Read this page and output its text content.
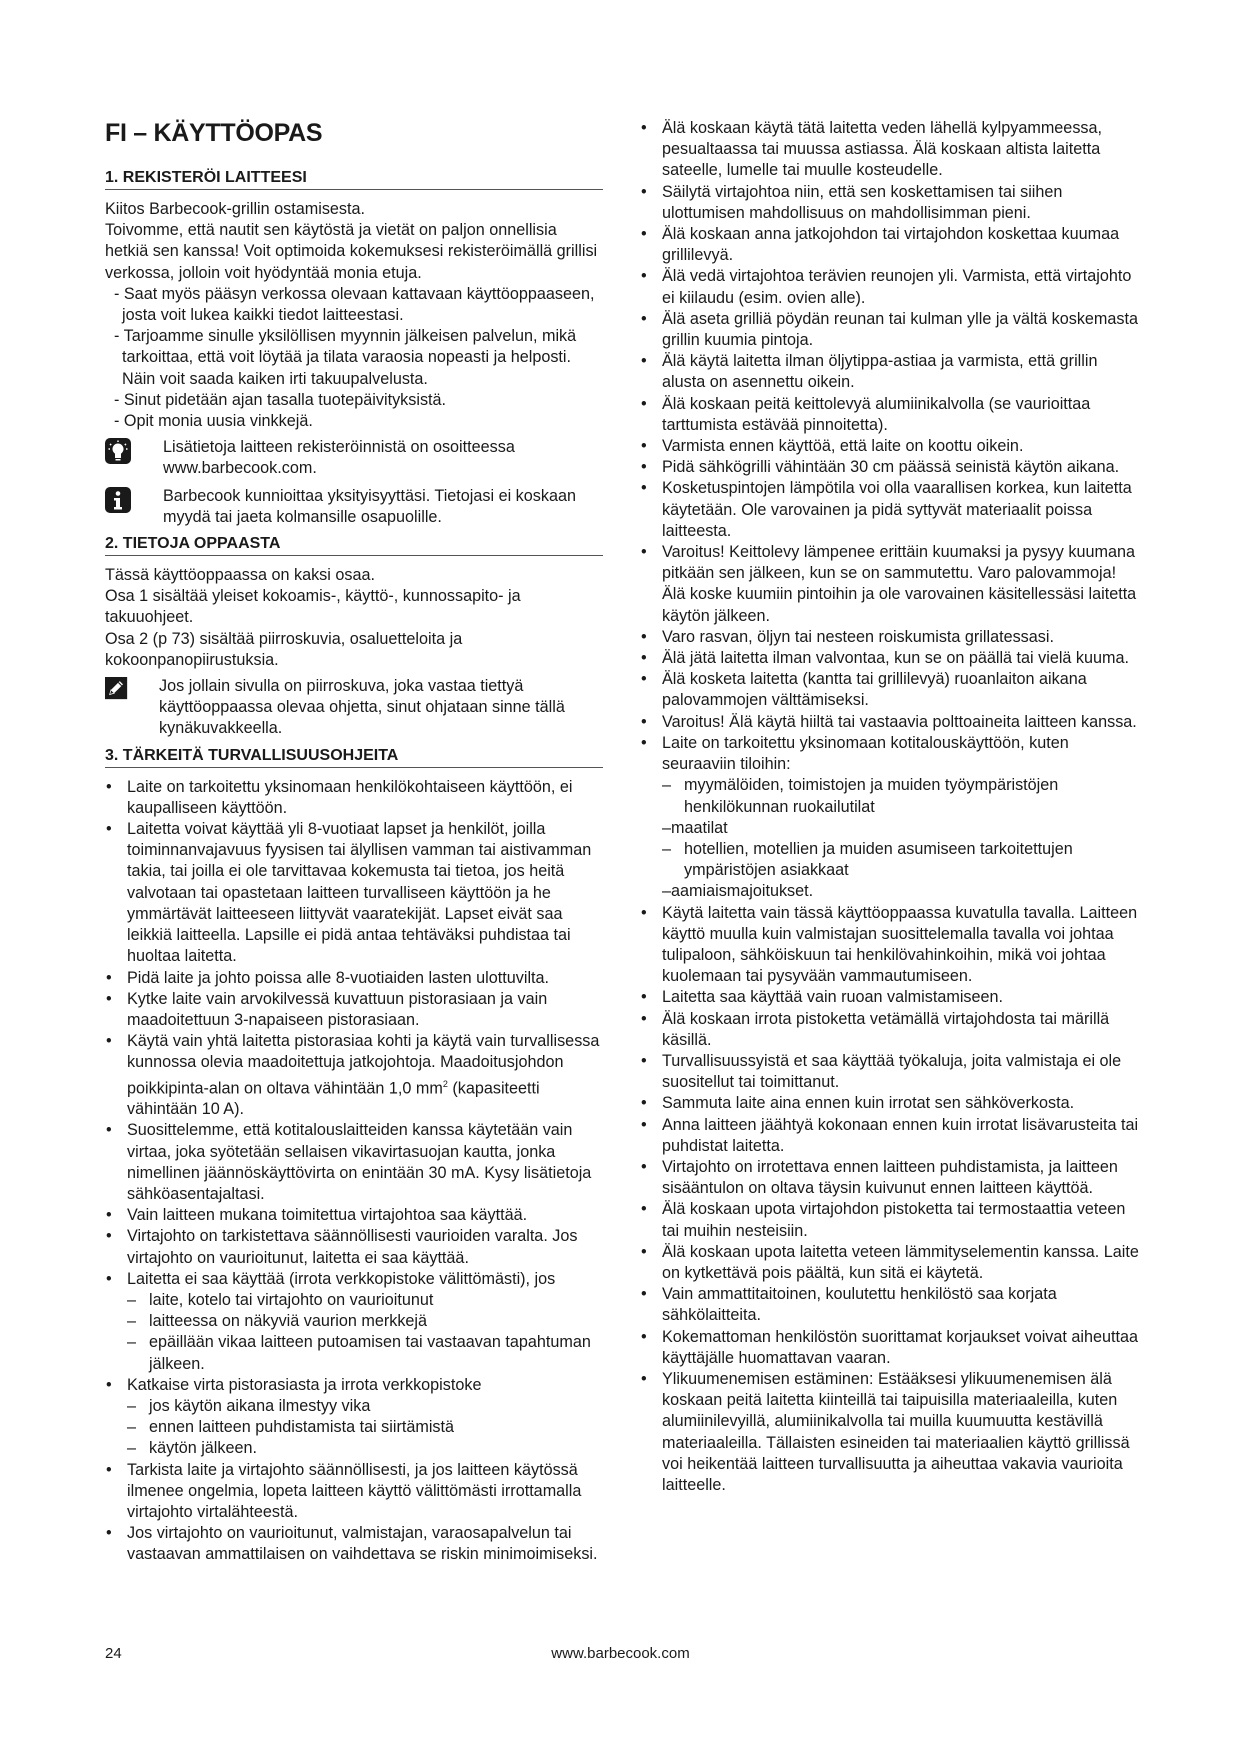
FI – KÄYTTÖOPAS
1. REKISTERÖI LAITTEESI

Kiitos Barbecook-grillin ostamisesta.

Toivomme, että nautit sen käytöstä ja vietät on paljon onnellisia hetkiä sen kanssa! Voit optimoida kokemuksesi rekisteröimällä grillisi verkossa, jolloin voit hyödyntää monia etuja.

- Saat myös pääsyn verkossa olevaan kattavaan käyttöoppaaseen, josta voit lukea kaikki tiedot laitteestasi.

- Tarjoamme sinulle yksilöllisen myynnin jälkeisen palvelun, mikä tarkoittaa, että voit löytää ja tilata varaosia nopeasti ja helposti. Näin voit saada kaiken irti takuupalvelusta.

- Sinut pidetään ajan tasalla tuotepäivityksistä.

- Opit monia uusia vinkkejä.

Lisätietoja laitteen rekisteröinnistä on osoitteessa www.barbecook.com.
Barbecook kunnioittaa yksityisyyttäsi. Tietojasi ei koskaan myydä tai jaeta kolmansille osapuolille.
2. TIETOJA OPPAASTA

Tässä käyttöoppaassa on kaksi osaa.

Osa 1 sisältää yleiset kokoamis-, käyttö-, kunnossapito- ja takuuohjeet.

Osa 2 (p 73) sisältää piirroskuvia, osaluetteloita ja kokoonpanopiirustuksia.

Jos jollain sivulla on piirroskuva, joka vastaa tiettyä käyttöoppaassa olevaa ohjetta, sinut ohjataan sinne tällä kynäkuvakkeella.
3. TÄRKEITÄ TURVALLISUUSOHJEITA
• Laite on tarkoitettu yksinomaan henkilökohtaiseen käyttöön, ei kaupalliseen käyttöön.
• Laitetta voivat käyttää yli 8-vuotiaat lapset ja henkilöt, joilla toiminnanvajavuus fyysisen tai älyllisen vamman tai aistivamman takia, tai joilla ei ole tarvittavaa kokemusta tai tietoa, jos heitä valvotaan tai opastetaan laitteen turvalliseen käyttöön ja he ymmärtävät laitteeseen liittyvät vaaratekijät. Lapset eivät saa leikkiä laitteella. Lapsille ei pidä antaa tehtäväksi puhdistaa tai huoltaa laitetta.
• Pidä laite ja johto poissa alle 8-vuotiaiden lasten ulottuvilta.
• Kytke laite vain arvokilvessä kuvattuun pistorasiaan ja vain maadoitettuun 3-napaiseen pistorasiaan.
• Käytä vain yhtä laitetta pistorasiaa kohti ja käytä vain turvallisessa kunnossa olevia maadoitettuja jatkojohtoja. Maadoitusjohdon poikkipinta-alan on oltava vähintään 1,0 $mm^2$ (kapasiteetti vähintään 10 A).
• Suosittelemme, että kotitalouslaitteiden kanssa käytetään vain virtaa, joka syötetään sellaisen vikavirtasuojan kautta, jonka nimellinen jäännöskäyttövirta on enintään 30 mA. Kysy lisätietoja sähköasentajaltasi.
• Vain laitteen mukana toimitettua virtajohtoa saa käyttää.
• Virtajohto on tarkistettava säännöllisesti vaurioiden varalta. Jos virtajohto on vaurioitunut, laitetta ei saa käyttää.
• Laitetta ei saa käyttää (irrota verkkopistoke välittömästi), jos
– laite, kotelo tai virtajohto on vaurioitunut
– laitteessa on näkyviä vaurion merkkejä
– epäillään vikaa laitteen putoamisen tai vastaavan tapahtuman jälkeen.
• Katkaise virta pistorasiasta ja irrota verkkopistoke
– jos käytön aikana ilmestyy vika
– ennen laitteen puhdistamista tai siirtämistä
– käytön jälkeen.
• Tarkista laite ja virtajohto säännöllisesti, ja jos laitteen käytössä ilmenee ongelmia, lopeta laitteen käyttö välittömästi irrottamalla virtajohto virtalähteestä.
• Jos virtajohto on vaurioitunut, valmistajan, varaosapalvelun tai vastaavan ammattilaisen on vaihdettava se riskin minimoimiseksi.
• Älä koskaan käytä tätä laitetta veden lähellä kylpyammeessa, pesualtaassa tai muussa astiassa. Älä koskaan altista laitetta sateelle, lumelle tai muulle kosteudelle.
• Säilytä virtajohtoa niin, että sen koskettamisen tai siihen ulottumisen mahdollisuus on mahdollisimman pieni.
• Älä koskaan anna jatkojohdon tai virtajohdon koskettaa kuumaa grillilevyä.
• Älä vedä virtajohtoa terävien reunojen yli. Varmista, että virtajohto ei kiilaudu (esim. ovien alle).
• Älä aseta grilliä pöydän reunan tai kulman ylle ja vältä koskemasta grillin kuumia pintoja.
• Älä käytä laitetta ilman öljytippa-astiaa ja varmista, että grillin alusta on asennettu oikein.
• Älä koskaan peitä keittolevyä alumiinikalvolla (se vaurioittaa tarttumista estävää pinnoitetta).
• Varmista ennen käyttöä, että laite on koottu oikein.
• Pidä sähkögrilli vähintään 30 cm päässä seinistä käytön aikana.
• Kosketuspintojen lämpötila voi olla vaarallisen korkea, kun laitetta käytetään. Ole varovainen ja pidä syttyvät materiaalit poissa laitteesta.
• Varoitus! Keittolevy lämpenee erittäin kuumaksi ja pysyy kuumana pitkään sen jälkeen, kun se on sammutettu. Varo palovammoja! Älä koske kuumiin pintoihin ja ole varovainen käsitellessäsi laitetta käytön jälkeen.
• Varo rasvan, öljyn tai nesteen roiskumista grillatessasi.
• Älä jätä laitetta ilman valvontaa, kun se on päällä tai vielä kuuma.
• Älä kosketa laitetta (kantta tai grillilevyä) ruoanlaiton aikana palovammojen välttämiseksi.
• Varoitus! Älä käytä hiiltä tai vastaavia polttoaineita laitteen kanssa.
• Laite on tarkoitettu yksinomaan kotitalouskäyttöön, kuten seuraaviin tiloihin:
– myymälöiden, toimistojen ja muiden työympäristöjen henkilökunnan ruokailutilat
–maatilat
– hotellien, motellien ja muiden asumiseen tarkoitettujen ympäristöjen asiakkaat
–aamiaismajoitukset.
• Käytä laitetta vain tässä käyttöoppaassa kuvatulla tavalla. Laitteen käyttö muulla kuin valmistajan suosittelemalla tavalla voi johtaa tulipaloon, sähköiskuun tai henkilövahinkoihin, mikä voi johtaa kuolemaan tai pysyvään vammautumiseen.
• Laitetta saa käyttää vain ruoan valmistamiseen.
• Älä koskaan irrota pistoketta vetämällä virtajohdosta tai märillä käsillä.
• Turvallisuussyistä et saa käyttää työkaluja, joita valmistaja ei ole suositellut tai toimittanut.
• Sammuta laite aina ennen kuin irrotat sen sähköverkosta.
• Anna laitteen jäähtyä kokonaan ennen kuin irrotat lisävarusteita tai puhdistat laitetta.
• Virtajohto on irrotettava ennen laitteen puhdistamista, ja laitteen sisääntulon on oltava täysin kuivunut ennen laitteen käyttöä.
• Älä koskaan upota virtajohdon pistoketta tai termostaattia veteen tai muihin nesteisiin.
• Älä koskaan upota laitetta veteen lämmityselementin kanssa. Laite on kytkettävä pois päältä, kun sitä ei käytetä.
• Vain ammattitaitoinen, koulutettu henkilöstö saa korjata sähkölaitteita.
• Kokemattoman henkilöstön suorittamat korjaukset voivat aiheuttaa käyttäjälle huomattavan vaaran.
• Ylikuumenemisen estäminen: Estääksesi ylikuumenemisen älä koskaan peitä laitetta kiinteillä tai taipuisilla materiaaleilla, kuten alumiinilevyillä, alumiinikalvolla tai muilla kuumuutta kestävillä materiaaleilla. Tällaisten esineiden tai materiaalien käyttö grillissä voi heikentää laitteen turvallisuutta ja aiheuttaa vakavia vaurioita laitteelle.
24	www.barbecook.com
